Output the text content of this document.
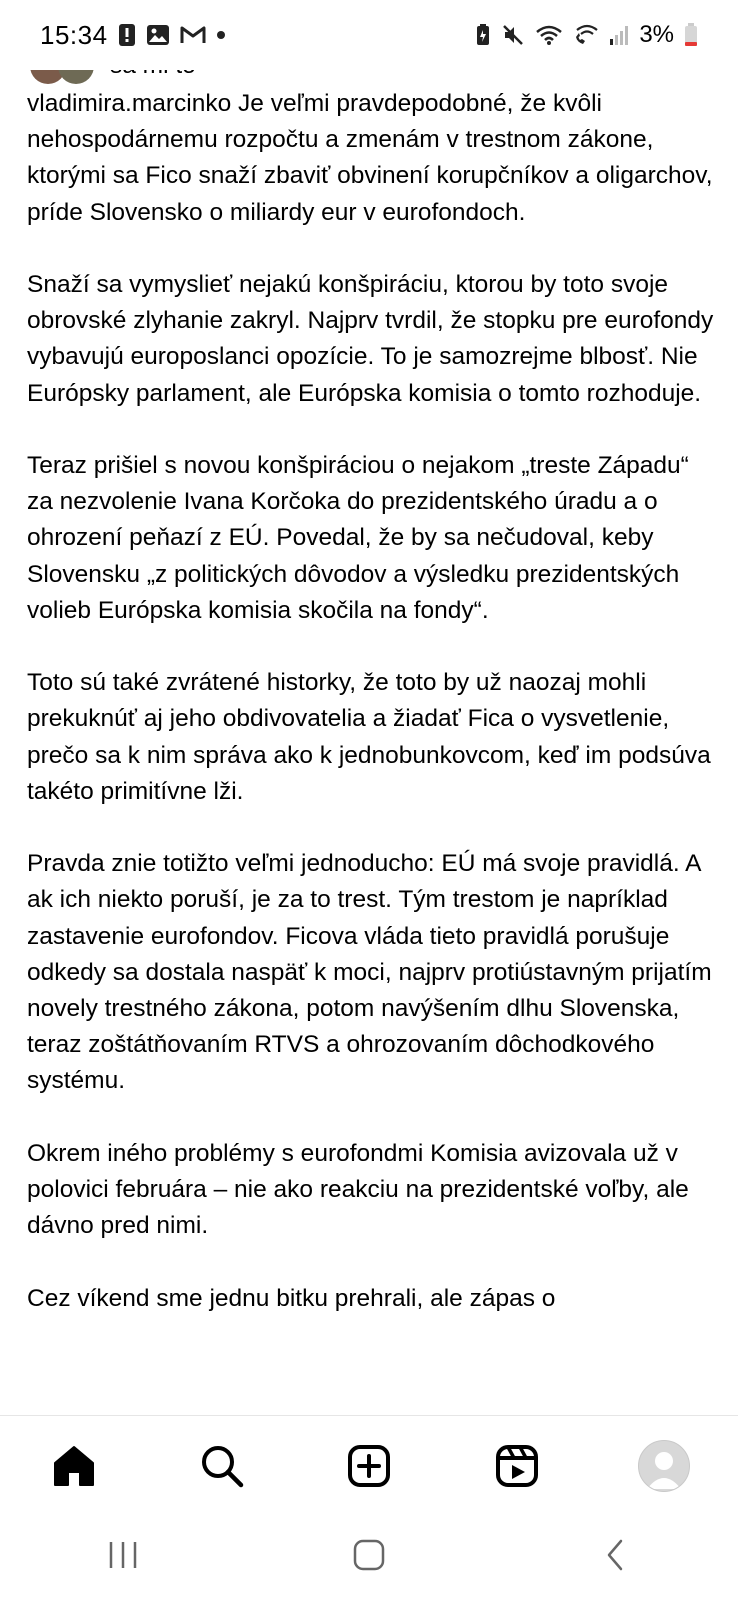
vladimira.marcinko Je veľmi pravdepodobné, že kvôli nehospodárnemu rozpočtu a zmenám v trestnom zákone, ktorými sa Fico snaží zbaviť obvinení korupčníkov a oligarchov, príde Slovensko o miliardy eur v eurofondoch.

Snaží sa vymyslieť nejakú konšpiráciu, ktorou by toto svoje obrovské zlyhanie zakryl. Najprv tvrdil, že stopku pre eurofondy vybavujú europoslanci opozície. To je samozrejme blbosť. Nie Európsky parlament, ale Európska komisia o tomto rozhoduje.

Teraz prišiel s novou konšpiráciou o nejakom „treste Západu“ za nezvolenie Ivana Korčoka do prezidentského úradu a o ohrození peňazí z EÚ. Povedal, že by sa nečudoval, keby Slovensku „z politických dôvodov a výsledku prezidentských volieb Európska komisia skočila na fondy“.

Toto sú také zvrátené historky, že toto by už naozaj mohli prekuknúť aj jeho obdivovatelia a žiadať Fica o vysvetlenie, prečo sa k nim správa ako k jednobunkovcom, keď im podsúva takéto primitívne lži.

Pravda znie totižto veľmi jednoducho: EÚ má svoje pravidlá. A ak ich niekto poruší, je za to trest. Tým trestom je napríklad zastavenie eurofondov. Ficova vláda tieto pravidlá porušuje odkedy sa dostala naspäť k moci, najprv protiústavným prijatím novely trestného zákona, potom navýšením dlhu Slovenska, teraz zoštátňovaním RTVS a ohrozovaním dôchodkového systému.

Okrem iného problémy s eurofondmi Komisia avizovala už v polovici februára – nie ako reakciu na prezidentské voľby, ale dávno pred nimi.

Cez víkend sme jednu bitku prehrali, ale zápas o

15:34	3%
